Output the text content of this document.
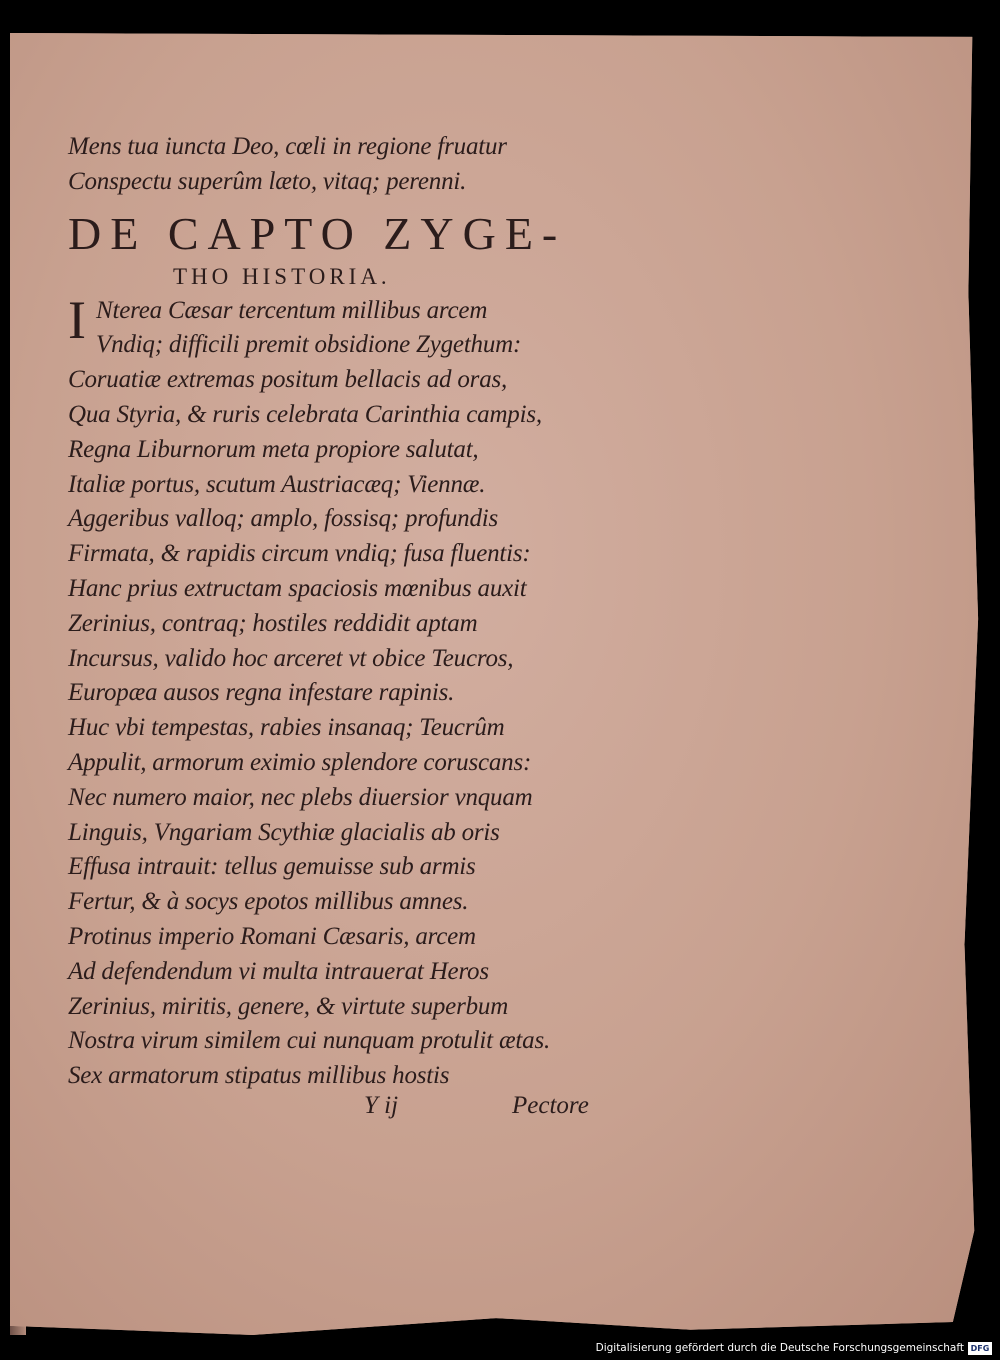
Mens tua iuncta Deo, cœli in regione fruatur
Conspectu superûm læto, vitaq; perenni.
DE CAPTO ZYGE-
THO HISTORIA.
I Nterea Cæsar tercentum millibus arcem
Vndiq; difficili premit obsidione Zygethum:
Coruatiæ extremas positum bellacis ad oras,
Qua Styria, & ruris celebrata Carinthia campis,
Regna Liburnorum meta propiore salutat,
Italiæ portus, scutum Austriacæq; Viennæ.
Aggeribus valloq; amplo, fossisq; profundis
Firmata, & rapidis circum vndiq; fusa fluentis:
Hanc prius extructam spaciosis mœnibus auxit
Zerinius, contraq; hostiles reddidit aptam
Incursus, valido hoc arceret vt obice Teucros,
Europæa ausos regna infestare rapinis.
Huc vbi tempestas, rabies insanaq; Teucrûm
Appulit, armorum eximio splendore coruscans:
Nec numero maior, nec plebs diuersior vnquam
Linguis, Vngariam Scythiæ glacialis ab oris
Effusa intrauit: tellus gemuisse sub armis
Fertur, & à socys epotos millibus amnes.
Protinus imperio Romani Cæsaris, arcem
Ad defendendum vi multa intrauerat Heros
Zerinius, miritis, genere, & virtute superbum
Nostra virum similem cui nunquam protulit ætas.
Sex armatorum stipatus millibus hostis
Y ij	Pectore
Digitalisierung gefördert durch die Deutsche Forschungsgemeinschaft DFG
